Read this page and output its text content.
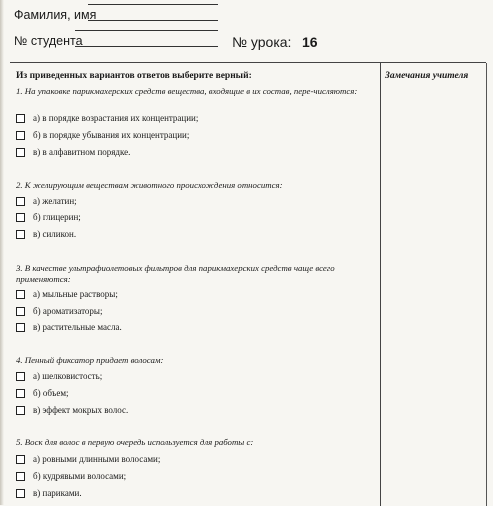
Фамилия, имя
№ студента	№ урока: 16
Замечания учителя
Из приведенных вариантов ответов выберите верный:
1. На упаковке парикмахерских средств вещества, входящие в их состав, пере-числяются:
а) в порядке возрастания их концентрации;
б) в порядке убывания их концентрации;
в) в алфавитном порядке.
2. К желирующим веществам животного происхождения относится:
а) желатин;
б) глицерин;
в) силикон.
3. В качестве ультрафиолетовых фильтров для парикмахерских средств чаще всего применяются:
а) мыльные растворы;
б) ароматизаторы;
в) растительные масла.
4. Пенный фиксатор придает волосам:
а) шелковистость;
б) объем;
в) эффект мокрых волос.
5. Воск для волос в первую очередь используется для работы с:
а) ровными длинными волосами;
б) кудрявыми волосами;
в) париками.
